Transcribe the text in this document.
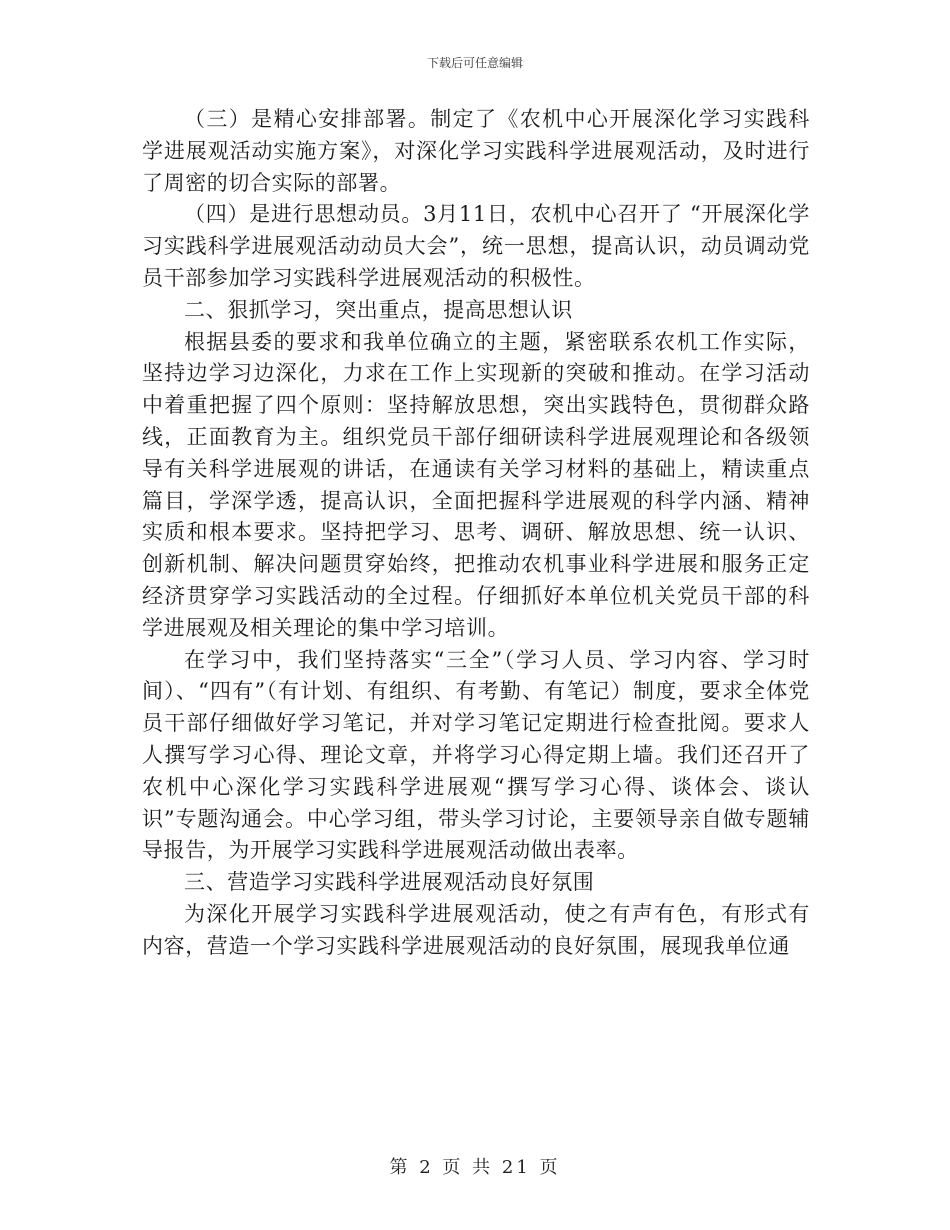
下载后可任意编辑

（三）是精心安排部署。制定了《农机中心开展深化学习实践科学进展观活动实施方案》，对深化学习实践科学进展观活动，及时进行了周密的切合实际的部署。

（四）是进行思想动员。3月11日，农机中心召开了 “开展深化学习实践科学进展观活动动员大会”，统一思想，提高认识，动员调动党员干部参加学习实践科学进展观活动的积极性。

二、狠抓学习，突出重点，提高思想认识

根据县委的要求和我单位确立的主题，紧密联系农机工作实际，坚持边学习边深化，力求在工作上实现新的突破和推动。在学习活动中着重把握了四个原则：坚持解放思想，突出实践特色，贯彻群众路线，正面教育为主。组织党员干部仔细研读科学进展观理论和各级领导有关科学进展观的讲话，在通读有关学习材料的基础上，精读重点篇目，学深学透，提高认识，全面把握科学进展观的科学内涵、精神实质和根本要求。坚持把学习、思考、调研、解放思想、统一认识、创新机制、解决问题贯穿始终，把推动农机事业科学进展和服务正定经济贯穿学习实践活动的全过程。仔细抓好本单位机关党员干部的科学进展观及相关理论的集中学习培训。

在学习中，我们坚持落实“三全”（学习人员、学习内容、学习时间）、“四有”（有计划、有组织、有考勤、有笔记）制度，要求全体党员干部仔细做好学习笔记，并对学习笔记定期进行检查批阅。要求人人撰写学习心得、理论文章，并将学习心得定期上墙。我们还召开了农机中心深化学习实践科学进展观“撰写学习心得、谈体会、谈认识”专题沟通会。中心学习组，带头学习讨论，主要领导亲自做专题辅导报告，为开展学习实践科学进展观活动做出表率。

三、营造学习实践科学进展观活动良好氛围

为深化开展学习实践科学进展观活动，使之有声有色，有形式有内容，营造一个学习实践科学进展观活动的良好氛围，展现我单位通

第 2 页 共 21 页
